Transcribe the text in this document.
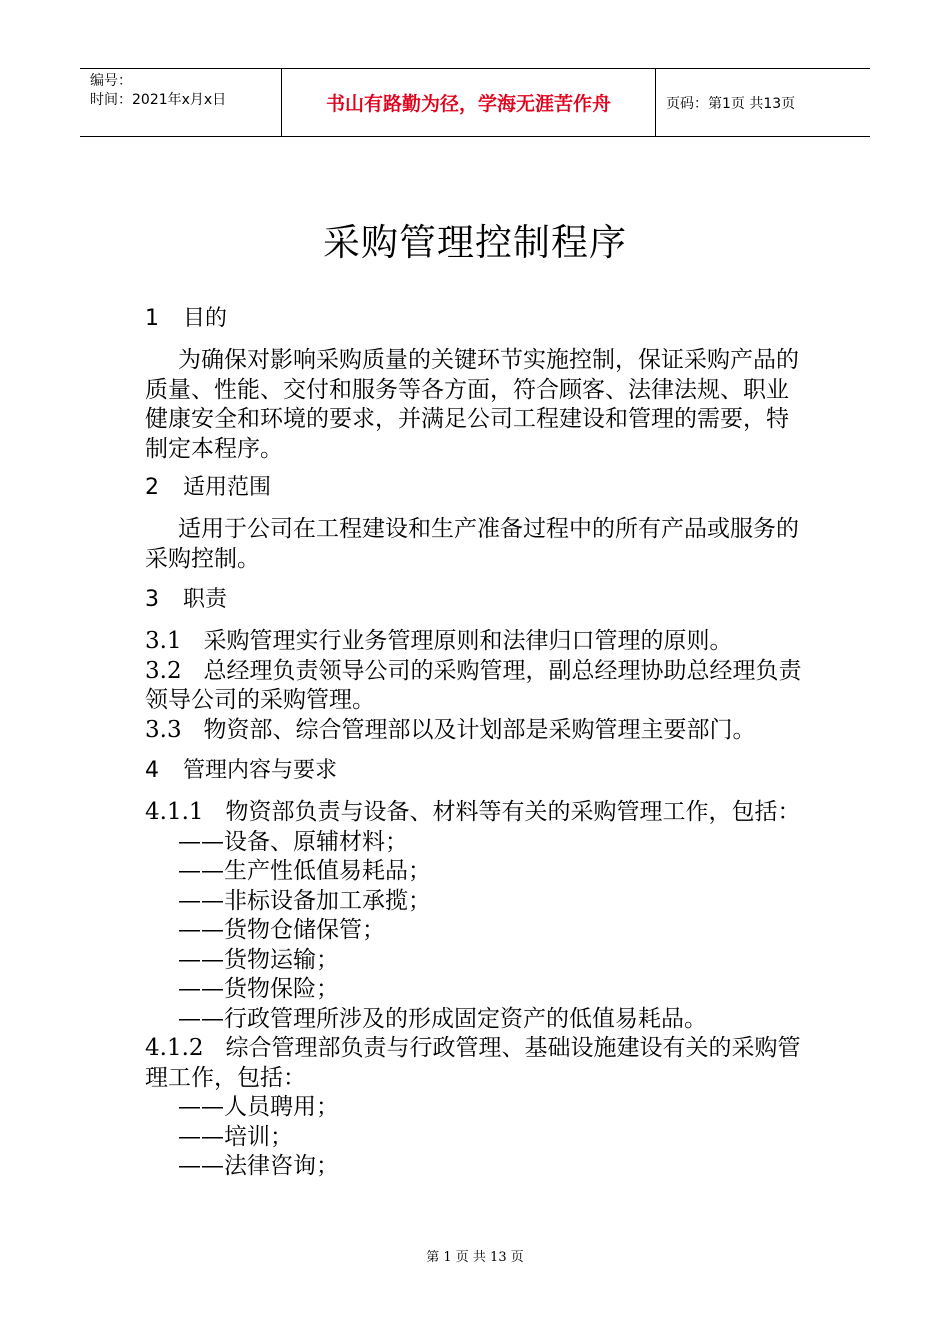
编号：
时间：2021年x月x日	书山有路勤为径，学海无涯苦作舟	页码：第1页 共13页
采购管理控制程序
1 目的
为确保对影响采购质量的关键环节实施控制，保证采购产品的质量、性能、交付和服务等各方面，符合顾客、法律法规、职业健康安全和环境的要求，并满足公司工程建设和管理的需要，特制定本程序。
2 适用范围
适用于公司在工程建设和生产准备过程中的所有产品或服务的采购控制。
3 职责
3.1   采购管理实行业务管理原则和法律归口管理的原则。
3.2   总经理负责领导公司的采购管理，副总经理协助总经理负责领导公司的采购管理。
3.3   物资部、综合管理部以及计划部是采购管理主要部门。
4 管理内容与要求
4.1.1   物资部负责与设备、材料等有关的采购管理工作，包括：
——设备、原辅材料；
——生产性低值易耗品；
——非标设备加工承揽；
——货物仓储保管；
——货物运输；
——货物保险；
——行政管理所涉及的形成固定资产的低值易耗品。
4.1.2   综合管理部负责与行政管理、基础设施建设有关的采购管理工作，包括：
——人员聘用；
——培训；
——法律咨询；
第 1 页 共 13 页
